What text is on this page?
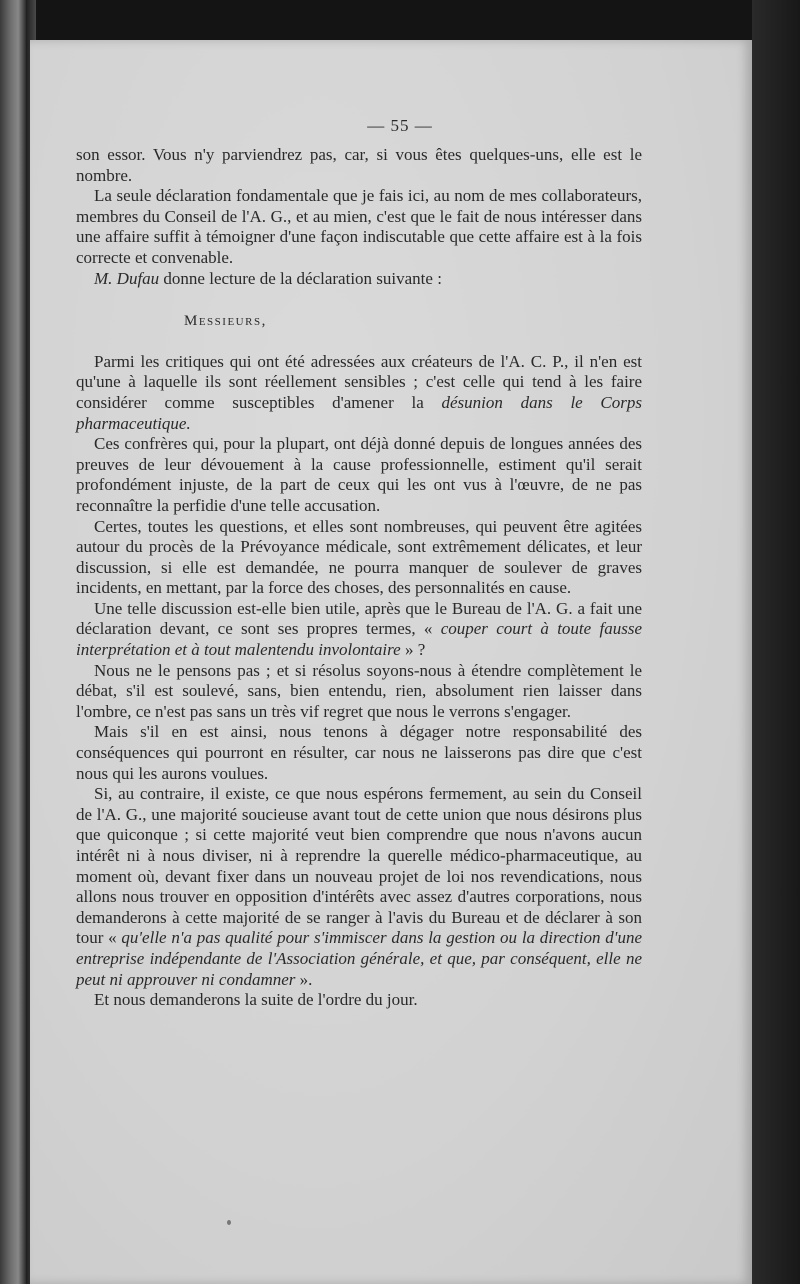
— 55 —

son essor. Vous n'y parviendrez pas, car, si vous êtes quelques-uns, elle est le nombre.

La seule déclaration fondamentale que je fais ici, au nom de mes collaborateurs, membres du Conseil de l'A. G., et au mien, c'est que le fait de nous intéresser dans une affaire suffit à témoigner d'une façon indiscutable que cette affaire est à la fois correcte et convenable.

M. Dufau donne lecture de la déclaration suivante :

Messieurs,

Parmi les critiques qui ont été adressées aux créateurs de l'A. C. P., il n'en est qu'une à laquelle ils sont réellement sensibles ; c'est celle qui tend à les faire considérer comme susceptibles d'amener la désunion dans le Corps pharmaceutique.

Ces confrères qui, pour la plupart, ont déjà donné depuis de longues années des preuves de leur dévouement à la cause professionnelle, estiment qu'il serait profondément injuste, de la part de ceux qui les ont vus à l'œuvre, de ne pas reconnaître la perfidie d'une telle accusation.

Certes, toutes les questions, et elles sont nombreuses, qui peuvent être agitées autour du procès de la Prévoyance médicale, sont extrêmement délicates, et leur discussion, si elle est demandée, ne pourra manquer de soulever de graves incidents, en mettant, par la force des choses, des personnalités en cause.

Une telle discussion est-elle bien utile, après que le Bureau de l'A. G. a fait une déclaration devant, ce sont ses propres termes, « couper court à toute fausse interprétation et à tout malentendu involontaire » ?

Nous ne le pensons pas ; et si résolus soyons-nous à étendre complètement le débat, s'il est soulevé, sans, bien entendu, rien, absolument rien laisser dans l'ombre, ce n'est pas sans un très vif regret que nous le verrons s'engager.

Mais s'il en est ainsi, nous tenons à dégager notre responsabilité des conséquences qui pourront en résulter, car nous ne laisserons pas dire que c'est nous qui les aurons voulues.

Si, au contraire, il existe, ce que nous espérons fermement, au sein du Conseil de l'A. G., une majorité soucieuse avant tout de cette union que nous désirons plus que quiconque ; si cette majorité veut bien comprendre que nous n'avons aucun intérêt ni à nous diviser, ni à reprendre la querelle médico-pharmaceutique, au moment où, devant fixer dans un nouveau projet de loi nos revendications, nous allons nous trouver en opposition d'intérêts avec assez d'autres corporations, nous demanderons à cette majorité de se ranger à l'avis du Bureau et de déclarer à son tour « qu'elle n'a pas qualité pour s'immiscer dans la gestion ou la direction d'une entreprise indépendante de l'Association générale, et que, par conséquent, elle ne peut ni approuver ni condamner ».

Et nous demanderons la suite de l'ordre du jour.
